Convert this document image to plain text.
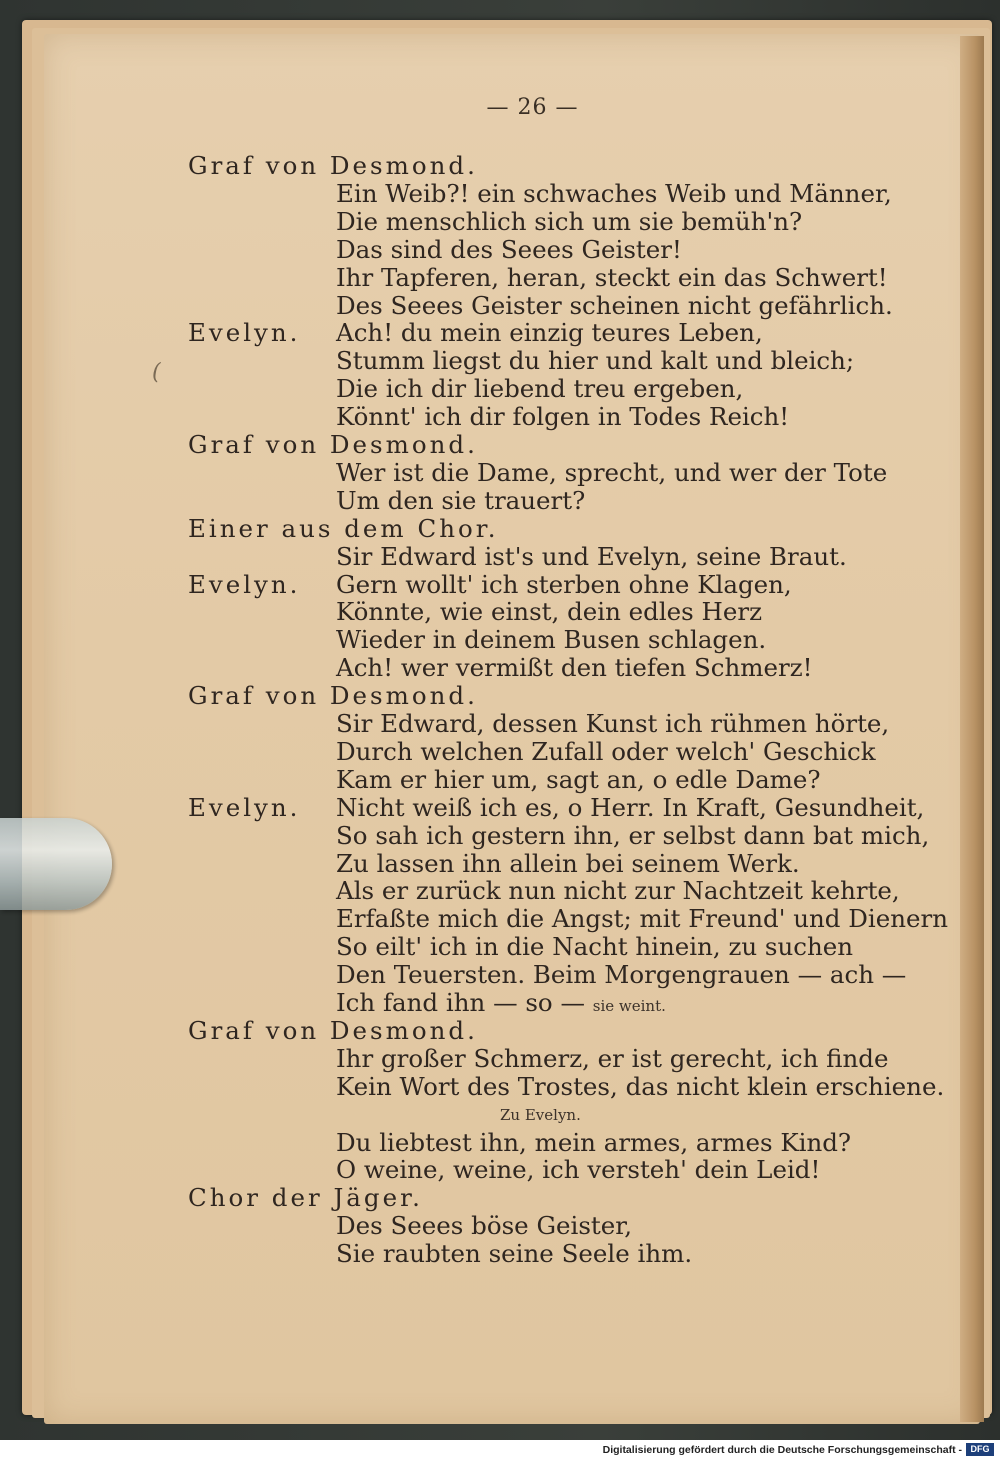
— 26 —
(
Graf von Desmond.
Ein Weib?! ein schwaches Weib und Männer,
Die menschlich sich um sie bemüh'n?
Das sind des Seees Geister!
Ihr Tapferen, heran, steckt ein das Schwert!
Des Seees Geister scheinen nicht gefährlich.
Evelyn. Ach! du mein einzig teures Leben,
Stumm liegst du hier und kalt und bleich;
Die ich dir liebend treu ergeben,
Könnt' ich dir folgen in Todes Reich!
Graf von Desmond.
Wer ist die Dame, sprecht, und wer der Tote
Um den sie trauert?
Einer aus dem Chor.
Sir Edward ist's und Evelyn, seine Braut.
Evelyn. Gern wollt' ich sterben ohne Klagen,
Könnte, wie einst, dein edles Herz
Wieder in deinem Busen schlagen.
Ach! wer vermißt den tiefen Schmerz!
Graf von Desmond.
Sir Edward, dessen Kunst ich rühmen hörte,
Durch welchen Zufall oder welch' Geschick
Kam er hier um, sagt an, o edle Dame?
Evelyn. Nicht weiß ich es, o Herr. In Kraft, Gesundheit,
So sah ich gestern ihn, er selbst dann bat mich,
Zu lassen ihn allein bei seinem Werk.
Als er zurück nun nicht zur Nachtzeit kehrte,
Erfaßte mich die Angst; mit Freund' und Dienern
So eilt' ich in die Nacht hinein, zu suchen
Den Teuersten. Beim Morgengrauen — ach —
Ich fand ihn — so — sie weint.
Graf von Desmond.
Ihr großer Schmerz, er ist gerecht, ich finde
Kein Wort des Trostes, das nicht klein erschiene.
Zu Evelyn.
Du liebtest ihn, mein armes, armes Kind?
O weine, weine, ich versteh' dein Leid!
Chor der Jäger.
Des Seees böse Geister,
Sie raubten seine Seele ihm.
Digitalisierung gefördert durch die Deutsche Forschungsgemeinschaft - DFG
